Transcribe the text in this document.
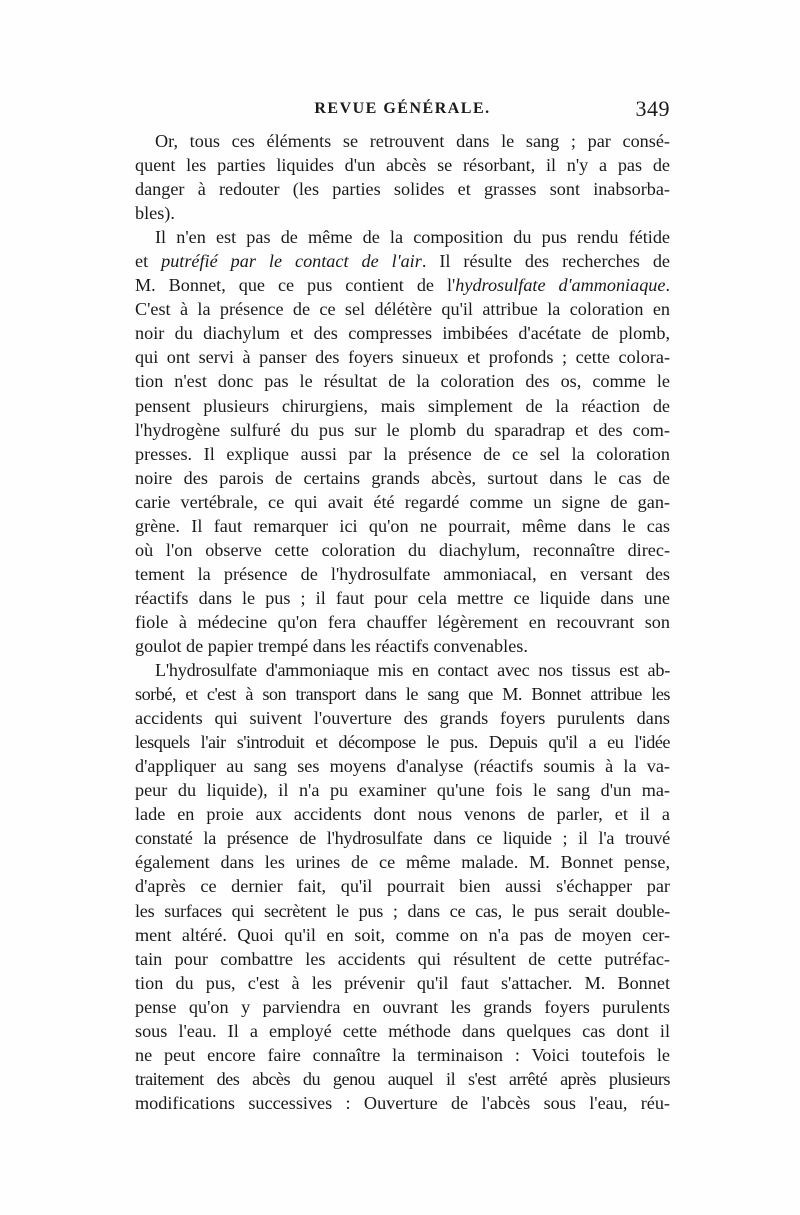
REVUE GÉNÉRALE.	349
Or, tous ces éléments se retrouvent dans le sang ; par consé-
quent les parties liquides d'un abcès se résorbant, il n'y a pas de
danger à redouter (les parties solides et grasses sont inabsorba-
bles).
Il n'en est pas de même de la composition du pus rendu fétide
et putréfié par le contact de l'air. Il résulte des recherches de
M. Bonnet, que ce pus contient de l'hydrosulfate d'ammoniaque.
C'est à la présence de ce sel délétère qu'il attribue la coloration en
noir du diachylum et des compresses imbibées d'acétate de plomb,
qui ont servi à panser des foyers sinueux et profonds ; cette colora-
tion n'est donc pas le résultat de la coloration des os, comme le
pensent plusieurs chirurgiens, mais simplement de la réaction de
l'hydrogène sulfuré du pus sur le plomb du sparadrap et des com-
presses. Il explique aussi par la présence de ce sel la coloration
noire des parois de certains grands abcès, surtout dans le cas de
carie vertébrale, ce qui avait été regardé comme un signe de gan-
grène. Il faut remarquer ici qu'on ne pourrait, même dans le cas
où l'on observe cette coloration du diachylum, reconnaître direc-
tement la présence de l'hydrosulfate ammoniacal, en versant des
réactifs dans le pus ; il faut pour cela mettre ce liquide dans une
fiole à médecine qu'on fera chauffer légèrement en recouvrant son
goulot de papier trempé dans les réactifs convenables.
L'hydrosulfate d'ammoniaque mis en contact avec nos tissus est ab-
sorbé, et c'est à son transport dans le sang que M. Bonnet attribue les
accidents qui suivent l'ouverture des grands foyers purulents dans
lesquels l'air s'introduit et décompose le pus. Depuis qu'il a eu l'idée
d'appliquer au sang ses moyens d'analyse (réactifs soumis à la va-
peur du liquide), il n'a pu examiner qu'une fois le sang d'un ma-
lade en proie aux accidents dont nous venons de parler, et il a
constaté la présence de l'hydrosulfate dans ce liquide ; il l'a trouvé
également dans les urines de ce même malade. M. Bonnet pense,
d'après ce dernier fait, qu'il pourrait bien aussi s'échapper par
les surfaces qui secrètent le pus ; dans ce cas, le pus serait double-
ment altéré. Quoi qu'il en soit, comme on n'a pas de moyen cer-
tain pour combattre les accidents qui résultent de cette putréfac-
tion du pus, c'est à les prévenir qu'il faut s'attacher. M. Bonnet
pense qu'on y parviendra en ouvrant les grands foyers purulents
sous l'eau. Il a employé cette méthode dans quelques cas dont il
ne peut encore faire connaître la terminaison : Voici toutefois le
traitement des abcès du genou auquel il s'est arrêté après plusieurs
modifications successives : Ouverture de l'abcès sous l'eau, réu-
